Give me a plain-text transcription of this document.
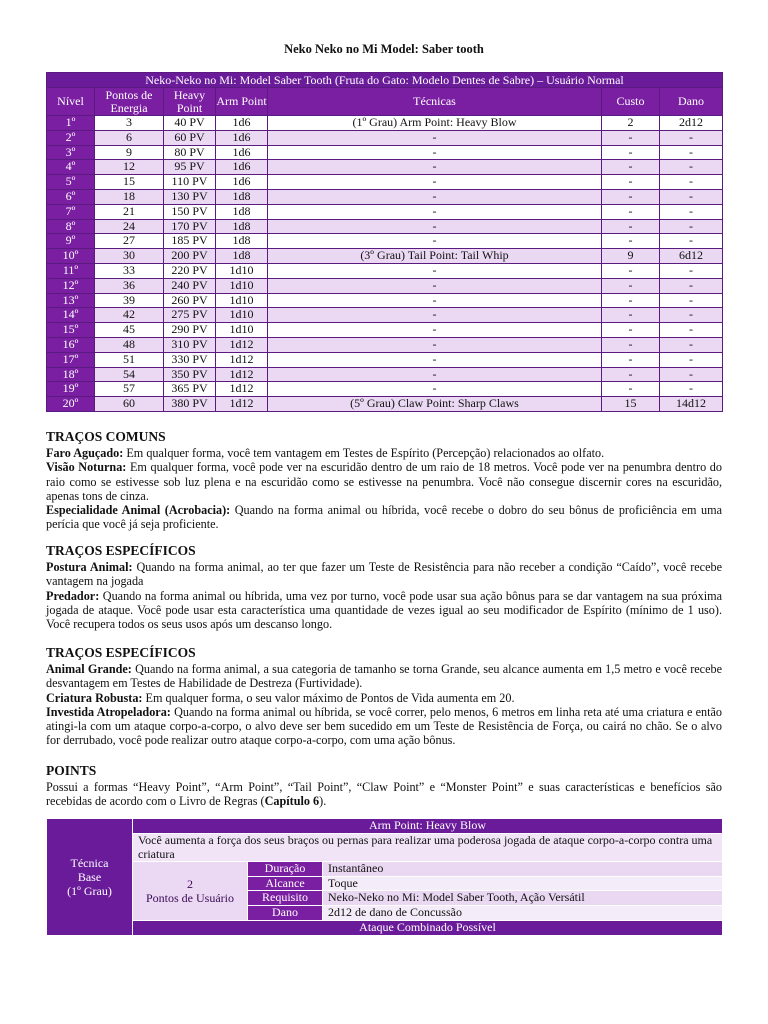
Neko Neko no Mi Model: Saber tooth
Neko-Neko no Mi: Model Saber Tooth (Fruta do Gato: Modelo Dentes de Sabre) – Usuário Normal						
Nível	Pontos de Energia	Heavy Point	Arm Point	Técnicas	Custo	Dano
1º	3	40 PV	1d6	(1º Grau) Arm Point: Heavy Blow	2	2d12
2º	6	60 PV	1d6	-	-	-
3º	9	80 PV	1d6	-	-	-
4º	12	95 PV	1d6	-	-	-
5º	15	110 PV	1d6	-	-	-
6º	18	130 PV	1d8	-	-	-
7º	21	150 PV	1d8	-	-	-
8º	24	170 PV	1d8	-	-	-
9º	27	185 PV	1d8	-	-	-
10º	30	200 PV	1d8	(3º Grau) Tail Point: Tail Whip	9	6d12
11º	33	220 PV	1d10	-	-	-
12º	36	240 PV	1d10	-	-	-
13º	39	260 PV	1d10	-	-	-
14º	42	275 PV	1d10	-	-	-
15º	45	290 PV	1d10	-	-	-
16º	48	310 PV	1d12	-	-	-
17º	51	330 PV	1d12	-	-	-
18º	54	350 PV	1d12	-	-	-
19º	57	365 PV	1d12	-	-	-
20º	60	380 PV	1d12	(5º Grau) Claw Point: Sharp Claws	15	14d12
TRAÇOS COMUNS

Faro Aguçado: Em qualquer forma, você tem vantagem em Testes de Espírito (Percepção) relacionados ao olfato.

Visão Noturna: Em qualquer forma, você pode ver na escuridão dentro de um raio de 18 metros. Você pode ver na penumbra dentro do raio como se estivesse sob luz plena e na escuridão como se estivesse na penumbra. Você não consegue discernir cores na escuridão, apenas tons de cinza.

Especialidade Animal (Acrobacia): Quando na forma animal ou híbrida, você recebe o dobro do seu bônus de proficiência em uma perícia que você já seja proficiente.

TRAÇOS ESPECÍFICOS

Postura Animal: Quando na forma animal, ao ter que fazer um Teste de Resistência para não receber a condição “Caído”, você recebe vantagem na jogada

Predador: Quando na forma animal ou híbrida, uma vez por turno, você pode usar sua ação bônus para se dar vantagem na sua próxima jogada de ataque. Você pode usar esta característica uma quantidade de vezes igual ao seu modificador de Espírito (mínimo de 1 uso). Você recupera todos os seus usos após um descanso longo.

TRAÇOS ESPECÍFICOS

Animal Grande: Quando na forma animal, a sua categoria de tamanho se torna Grande, seu alcance aumenta em 1,5 metro e você recebe desvantagem em Testes de Habilidade de Destreza (Furtividade).

Criatura Robusta: Em qualquer forma, o seu valor máximo de Pontos de Vida aumenta em 20.

Investida Atropeladora: Quando na forma animal ou híbrida, se você correr, pelo menos, 6 metros em linha reta até uma criatura e então atingi-la com um ataque corpo-a-corpo, o alvo deve ser bem sucedido em um Teste de Resistência de Força, ou cairá no chão. Se o alvo for derrubado, você pode realizar outro ataque corpo-a-corpo, com uma ação bônus.

POINTS

Possui a formas “Heavy Point”, “Arm Point”, “Tail Point”, “Claw Point” e “Monster Point” e suas características e benefícios são recebidas de acordo com o Livro de Regras (Capítulo 6).

Técnica
Base
(1º Grau)	Arm Point: Heavy Blow		
	Você aumenta a força dos seus braços ou pernas para realizar uma poderosa jogada de ataque corpo-a-corpo contra uma criatura		
	2
Pontos de Usuário	Duração	Instantâneo
		Alcance	Toque
		Requisito	Neko-Neko no Mi: Model Saber Tooth, Ação Versátil
		Dano	2d12 de dano de Concussão
	Ataque Combinado Possível		
